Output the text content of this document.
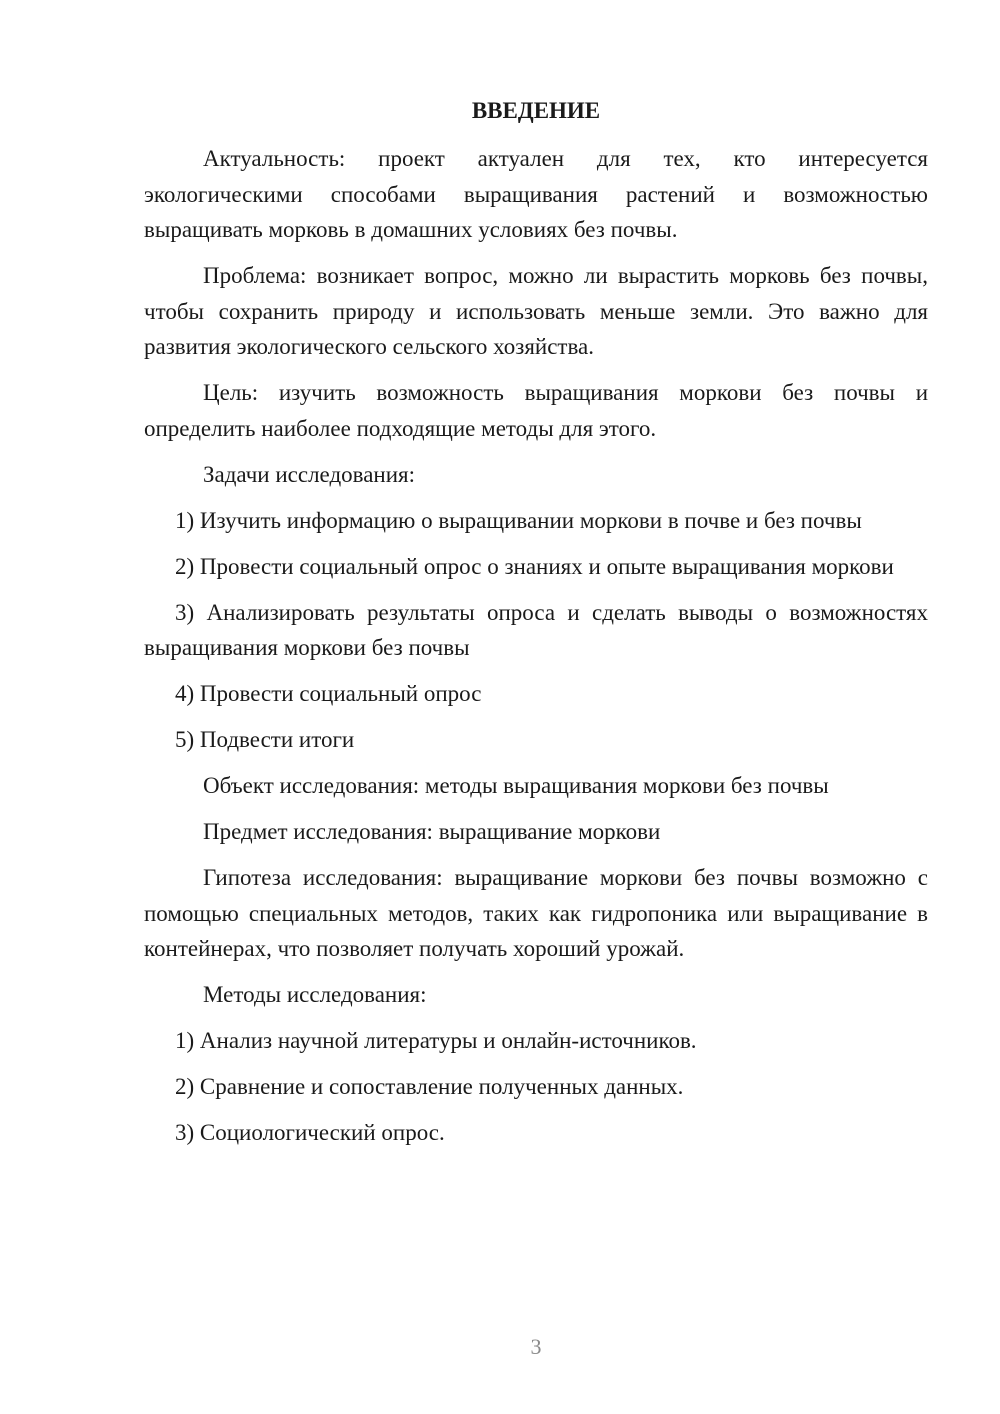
ВВЕДЕНИЕ

Актуальность: проект актуален для тех, кто интересуется экологическими способами выращивания растений и возможностью выращивать морковь в домашних условиях без почвы.

Проблема: возникает вопрос, можно ли вырастить морковь без почвы, чтобы сохранить природу и использовать меньше земли. Это важно для развития экологического сельского хозяйства.

Цель: изучить возможность выращивания моркови без почвы и определить наиболее подходящие методы для этого.

Задачи исследования:

1) Изучить информацию о выращивании моркови в почве и без почвы

2) Провести социальный опрос о знаниях и опыте выращивания моркови

3) Анализировать результаты опроса и сделать выводы о возможностях выращивания моркови без почвы

4) Провести социальный опрос

5) Подвести итоги

Объект исследования: методы выращивания моркови без почвы

Предмет исследования: выращивание моркови

Гипотеза исследования: выращивание моркови без почвы возможно с помощью специальных методов, таких как гидропоника или выращивание в контейнерах, что позволяет получать хороший урожай.

Методы исследования:

1) Анализ научной литературы и онлайн-источников.

2) Сравнение и сопоставление полученных данных.

3) Социологический опрос.

3
